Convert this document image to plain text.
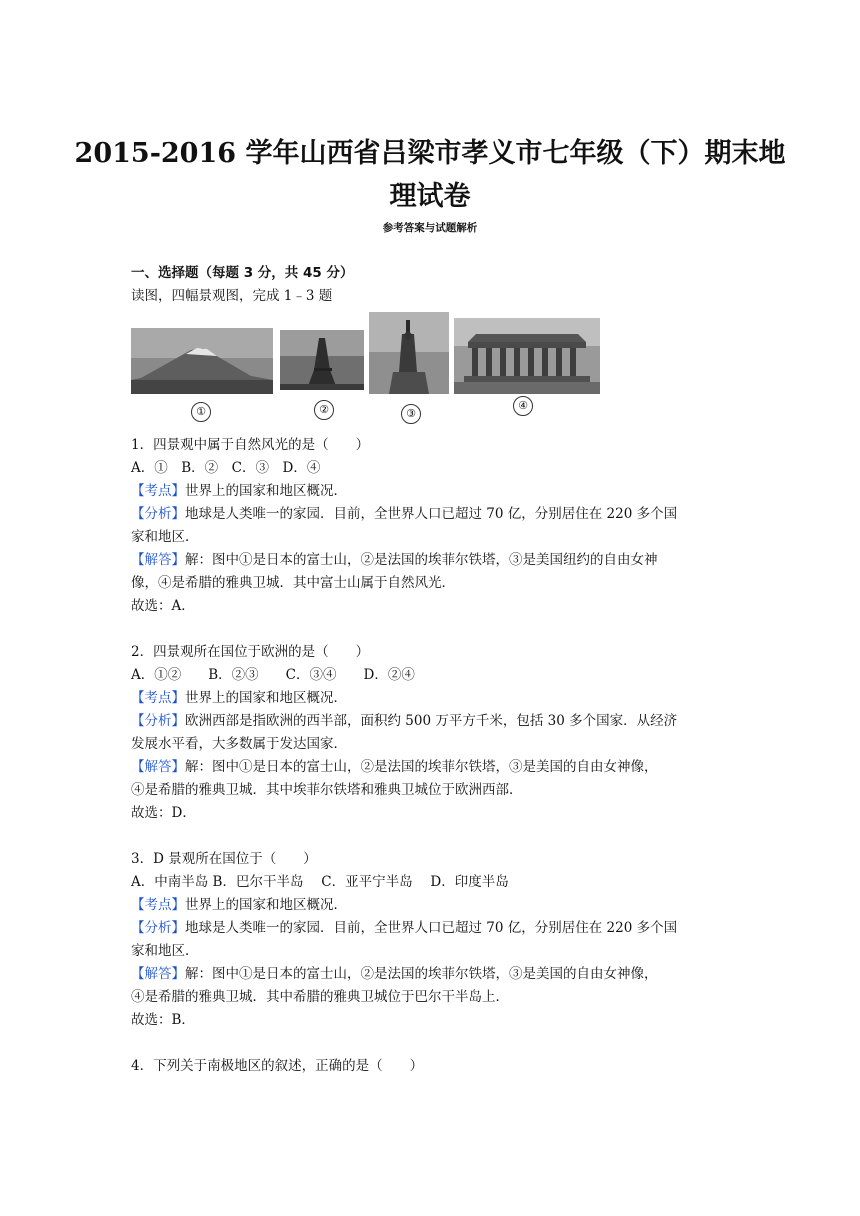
2015-2016 学年山西省吕梁市孝义市七年级（下）期末地
理试卷
参考答案与试题解析
一、选择题（每题 3 分，共 45 分）
读图，四幅景观图，完成 1﹣3 题
①	②	③
④
1．四景观中属于自然风光的是（　　）
A．①　B．②　C．③　D．④
【考点】世界上的国家和地区概况．
【分析】地球是人类唯一的家园．目前，全世界人口已超过 70 亿，分别居住在 220 多个国
家和地区．
【解答】解：图中①是日本的富士山，②是法国的埃菲尔铁塔，③是美国纽约的自由女神
像，④是希腊的雅典卫城．其中富士山属于自然风光．
故选：A．
2．四景观所在国位于欧洲的是（　　）
A．①②　　B．②③　　C．③④　　D．②④
【考点】世界上的国家和地区概况．
【分析】欧洲西部是指欧洲的西半部，面积约 500 万平方千米，包括 30 多个国家．从经济
发展水平看，大多数属于发达国家．
【解答】解：图中①是日本的富士山，②是法国的埃菲尔铁塔，③是美国的自由女神像，
④是希腊的雅典卫城．其中埃菲尔铁塔和雅典卫城位于欧洲西部．
故选：D．
3．D 景观所在国位于（　　）
A．中南半岛 B．巴尔干半岛　 C．亚平宁半岛　 D．印度半岛
【考点】世界上的国家和地区概况．
【分析】地球是人类唯一的家园．目前，全世界人口已超过 70 亿，分别居住在 220 多个国
家和地区．
【解答】解：图中①是日本的富士山，②是法国的埃菲尔铁塔，③是美国的自由女神像，
④是希腊的雅典卫城．其中希腊的雅典卫城位于巴尔干半岛上．
故选：B．
4．下列关于南极地区的叙述，正确的是（　　）
